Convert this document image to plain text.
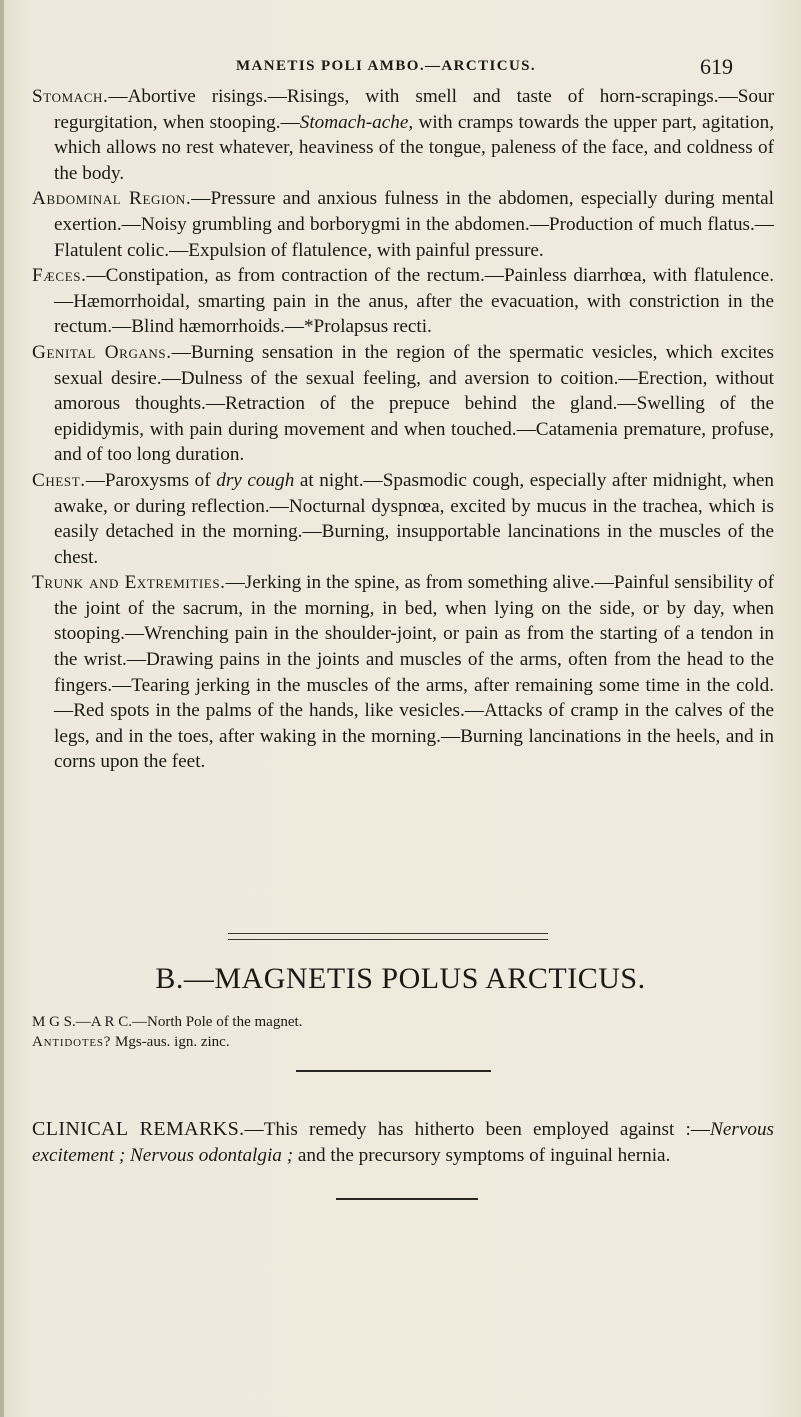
MANETIS POLI AMBO.—ARCTICUS.	619

Stomach.—Abortive risings.—Risings, with smell and taste of horn-scrapings.—Sour regurgitation, when stooping.—Stomach-ache, with cramps towards the upper part, agitation, which allows no rest whatever, heaviness of the tongue, paleness of the face, and coldness of the body.

Abdominal Region.—Pressure and anxious fulness in the abdomen, especially during mental exertion.—Noisy grumbling and borborygmi in the abdomen.—Production of much flatus.—Flatulent colic.—Expulsion of flatulence, with painful pressure.

Fæces.—Constipation, as from contraction of the rectum.—Painless diarrhœa, with flatulence.—Hæmorrhoidal, smarting pain in the anus, after the evacuation, with constriction in the rectum.—Blind hæmorrhoids.—*Prolapsus recti.

Genital Organs.—Burning sensation in the region of the spermatic vesicles, which excites sexual desire.—Dulness of the sexual feeling, and aversion to coition.—Erection, without amorous thoughts.—Retraction of the prepuce behind the gland.—Swelling of the epididymis, with pain during movement and when touched.—Catamenia premature, profuse, and of too long duration.

Chest.—Paroxysms of dry cough at night.—Spasmodic cough, especially after midnight, when awake, or during reflection.—Nocturnal dyspnœa, excited by mucus in the trachea, which is easily detached in the morning.—Burning, insupportable lancinations in the muscles of the chest.

Trunk and Extremities.—Jerking in the spine, as from something alive.—Painful sensibility of the joint of the sacrum, in the morning, in bed, when lying on the side, or by day, when stooping.—Wrenching pain in the shoulder-joint, or pain as from the starting of a tendon in the wrist.—Drawing pains in the joints and muscles of the arms, often from the head to the fingers.—Tearing jerking in the muscles of the arms, after remaining some time in the cold.—Red spots in the palms of the hands, like vesicles.—Attacks of cramp in the calves of the legs, and in the toes, after waking in the morning.—Burning lancinations in the heels, and in corns upon the feet.

B.—MAGNETIS POLUS ARCTICUS.
M G S.—A R C.—North Pole of the magnet.
Antidotes? Mgs-aus. ign. zinc.

CLINICAL REMARKS.—This remedy has hitherto been employed against :—Nervous excitement ; Nervous odontalgia ; and the precursory symptoms of inguinal hernia.
